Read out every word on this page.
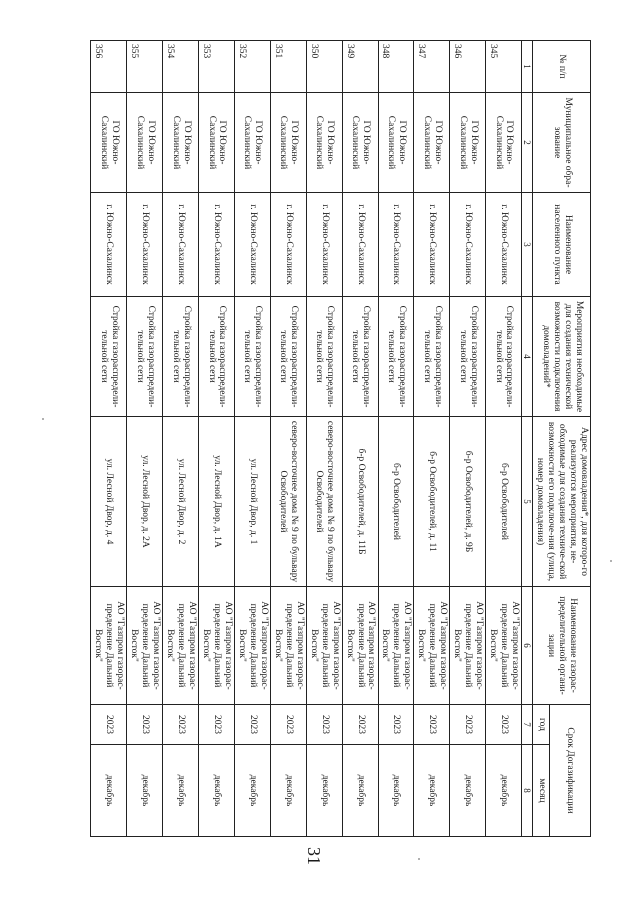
31
№ п/п	Муниципальное обра-зование	Наименование населенного пункта	Мероприятия необходимые для создания технической возможности подключения домовладений*	Адрес домовладения*, для которо-го реализуются мероприятия, не-обходимые для создания техниче-ской возможности его подключе-ния (улица, номер домовладения)	Наименование газорас-пределительной органи-зации	Срок Догазификации	
						год	месяц
1	2	3	4	5	6	7	8
345	ГО Южно-Сахалинский	г. Южно-Сахалинск	Стройка газораспредели-тельной сети	б-р Освободителей	АО "Газпром газорас-пределение Дальний Восток"	2023	декабрь
346	ГО Южно-Сахалинский	г. Южно-Сахалинск	Стройка газораспредели-тельной сети	б-р Освободителей, д. 9Б	АО "Газпром газорас-пределение Дальний Восток"	2023	декабрь
347	ГО Южно-Сахалинский	г. Южно-Сахалинск	Стройка газораспредели-тельной сети	б-р Освободителей, д. 11	АО "Газпром газорас-пределение Дальний Восток"	2023	декабрь
348	ГО Южно-Сахалинский	г. Южно-Сахалинск	Стройка газораспредели-тельной сети	б-р Освободителей	АО "Газпром газорас-пределение Дальний Восток"	2023	декабрь
349	ГО Южно-Сахалинский	г. Южно-Сахалинск	Стройка газораспредели-тельной сети	б-р Освободителей, д. 11Б	АО "Газпром газорас-пределение Дальний Восток"	2023	декабрь
350	ГО Южно-Сахалинский	г. Южно-Сахалинск	Стройка газораспредели-тельной сети	северо-восточнее дома № 9 по бульвару Освободителей	АО "Газпром газорас-пределение Дальний Восток"	2023	декабрь
351	ГО Южно-Сахалинский	г. Южно-Сахалинск	Стройка газораспредели-тельной сети	северо-восточнее дома № 9 по бульвару Освободителей	АО "Газпром газорас-пределение Дальний Восток"	2023	декабрь
352	ГО Южно-Сахалинский	г. Южно-Сахалинск	Стройка газораспредели-тельной сети	ул. Лесной Двор, д. 1	АО "Газпром газорас-пределение Дальний Восток"	2023	декабрь
353	ГО Южно-Сахалинский	г. Южно-Сахалинск	Стройка газораспредели-тельной сети	ул. Лесной Двор, д. 1А	АО "Газпром газорас-пределение Дальний Восток"	2023	декабрь
354	ГО Южно-Сахалинский	г. Южно-Сахалинск	Стройка газораспредели-тельной сети	ул. Лесной Двор, д. 2	АО "Газпром газорас-пределение Дальний Восток"	2023	декабрь
355	ГО Южно-Сахалинский	г. Южно-Сахалинск	Стройка газораспредели-тельной сети	ул. Лесной Двор, д. 2А	АО "Газпром газорас-пределение Дальний Восток"	2023	декабрь
356	ГО Южно-Сахалинский	г. Южно-Сахалинск	Стройка газораспредели-тельной сети	ул. Лесной Двор, д. 4	АО "Газпром газорас-пределение Дальний Восток"	2023	декабрь
